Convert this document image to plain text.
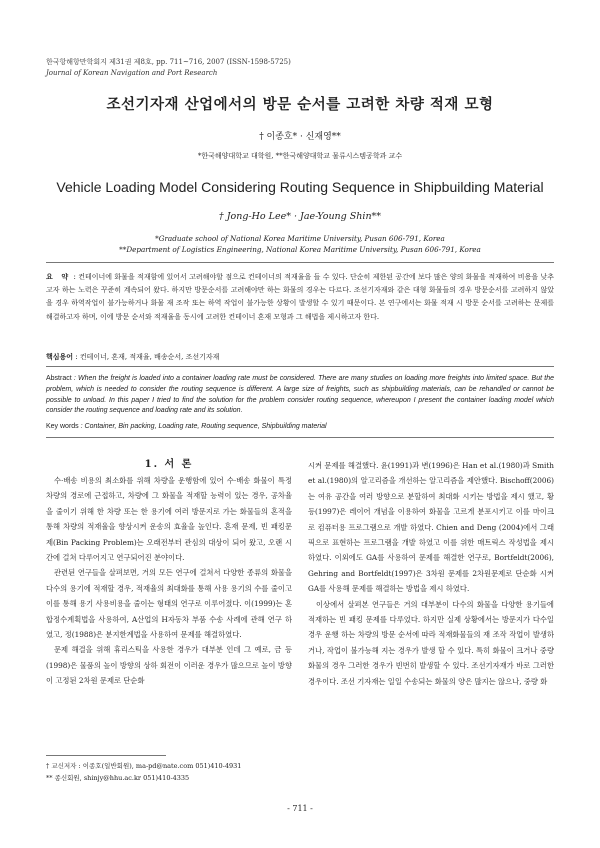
한국항해항만학회지 제31권 제8호, pp. 711~716, 2007 (ISSN-1598-5725)
Journal of Korean Navigation and Port Research
조선기자재 산업에서의 방문 순서를 고려한 차량 적재 모형
† 이종호* · 신재영**
*한국해양대학교 대학원, **한국해양대학교 물류시스템공학과 교수
Vehicle Loading Model Considering Routing Sequence in Shipbuilding Material
† Jong-Ho Lee* · Jae-Young Shin**
*Graduate school of National Korea Maritime University, Pusan 606-791, Korea
**Department of Logistics Engineering, National Korea Maritime University, Pusan 606-791, Korea
요 약 : 컨테이너에 화물을 적재함에 있어서 고려해야할 점으로 컨테이너의 적재율을 들 수 있다. 단순히 제한된 공간에 보다 많은 양의 화물을 적재하여 비용을 낮추고자 하는 노력은 꾸준히 계속되어 왔다. 하지만 방문순서를 고려해야만 하는 화물의 경우는 다르다. 조선기자재와 같은 대형 화물들의 경우 방문순서를 고려하지 않았을 경우 하역작업이 불가능하거나 화물 재 조작 또는 하역 작업이 불가능한 상황이 발생할 수 있기 때문이다. 본 연구에서는 화물 적재 시 방문 순서를 고려하는 문제를 해결하고자 하며, 이에 방문 순서와 적재율을 동시에 고려한 컨테이너 혼재 모형과 그 해법을 제시하고자 한다.
핵심용어 : 컨테이너, 혼재, 적재율, 배송순서, 조선기자재
Abstract : When the freight is loaded into a container loading rate must be considered. There are many studies on loading more freights into limited space. But the problem, which is needed to consider the routing sequence is different. A large size of freights, such as shipbuilding materials, can be rehandled or cannot be possible to unload. In this paper I tried to find the solution for the problem consider routing sequence, whereupon I present the container loading model which consider the routing sequence and loading rate and its solution.
Key words : Container, Bin packing, Loading rate, Routing sequence, Shipbuilding material
1. 서 론

수·배송 비용의 최소화를 위해 차량을 운행함에 있어 수·배송 화물이 특정 차량의 경로에 근접하고, 차량에 그 화물을 적재할 능력이 있는 경우, 공차율을 줄이기 위해 한 차량 또는 한 용기에 여러 방문지로 가는 화물들의 혼적을 통해 차량의 적재율을 향상시켜 운송의 효율을 높인다. 혼재 문제, 빈 패킹문제(Bin Packing Problem)는 오래전부터 관심의 대상이 되어 왔고, 오랜 시간에 걸쳐 다루어지고 연구되어진 분야이다.

관련된 연구들을 살펴보면, 거의 모든 연구에 걸쳐서 다양한 종류의 화물을 다수의 용기에 적재할 경우, 적재율의 최대화를 통해 사용 용기의 수를 줄이고 이를 통해 용기 사용비용을 줄이는 형태의 연구로 이루어졌다. 이(1999)는 혼합정수계획법을 사용하여, A산업의 H자동차 부품 수송 사례에 관해 연구 하였고, 정(1988)은 분지한계법을 사용하여 문제를 해결하였다.

문제 해결을 위해 휴리스틱을 사용한 경우가 대부분 인데 그 예로, 금 등(1998)은 물품의 높이 방향의 상하 회전이 이러운 경우가 많으므로 높이 방향이 고정된 2차원 문제로 단순화

시켜 문제를 해결했다. 윤(1991)과 변(1996)은 Han et al.(1980)과 Smith et al.(1980)의 알고리즘을 개선하는 알고리즘을 제안했다. Bischoff(2006)는 여유 공간을 여러 방향으로 분할하여 최대화 시키는 방법을 제시 했고, 황 등(1997)은 레이어 개념을 이용하여 화물을 고르게 분포시키고 이를 마이크로 컴퓨터용 프로그램으로 개발 하였다. Chien and Deng (2004)에서 그래픽으로 표현하는 프로그램을 개발 하였고 이를 위한 매트릭스 작성법을 제시 하였다. 이외에도 GA를 사용하여 문제를 해결한 연구로, Bortfeldt(2006), Gehring and Bortfeldt(1997)은 3차원 문제를 2차원문제로 단순화 시켜 GA를 사용해 문제를 해결하는 방법을 제시 하였다.

이상에서 살펴본 연구들은 거의 대부분이 다수의 화물을 다양한 용기들에 적재하는 빈 패킹 문제를 다루었다. 하지만 실제 상황에서는 방문지가 다수일 경우 운행 하는 차량의 방문 순서에 따라 적재화물들의 재 조작 작업이 발생하거나, 작업이 불가능해 지는 경우가 발생 할 수 있다. 특히 화물이 크거나 중량 화물의 경우 그러한 경우가 빈번히 발생할 수 있다. 조선기자재가 바로 그러한 경우이다. 조선 기자재는 일일 수송되는 화물의 양은 많지는 않으나, 중량 화

† 교신저자 : 이종호(일반회원), ma-pd@nate.com 051)410-4931
** 종신회원, shinjy@hhu.ac.kr 051)410-4335
- 711 -
